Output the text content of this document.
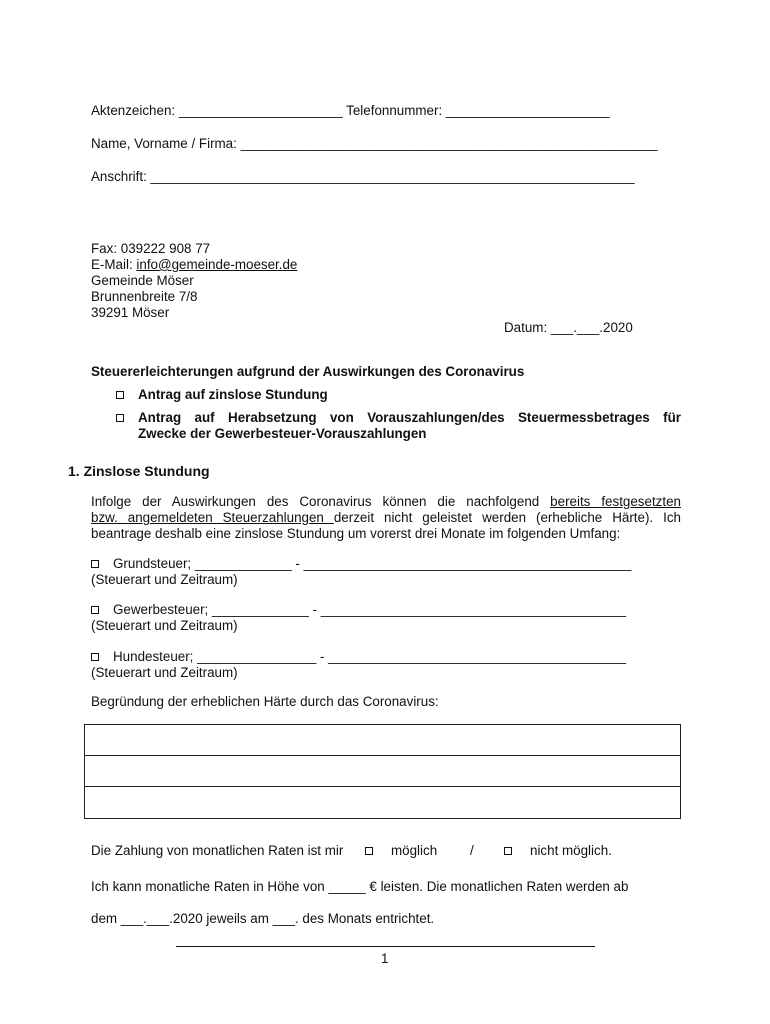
Aktenzeichen: ______________________ Telefonnummer: ______________________
Name, Vorname / Firma: ________________________________________________________
Anschrift: _________________________________________________________________
Fax: 039222 908 77
E-Mail: info@gemeinde-moeser.de
Gemeinde Möser
Brunnenbreite 7/8
39291 Möser
Datum: ___.___.2020
Steuererleichterungen aufgrund der Auswirkungen des Coronavirus
Antrag auf zinslose Stundung
Antrag auf Herabsetzung von Vorauszahlungen/des Steuermessbetrages für
Zwecke der Gewerbesteuer-Vorauszahlungen
1. Zinslose Stundung
Infolge der Auswirkungen des Coronavirus können die nachfolgend bereits festgesetzten
bzw. angemeldeten Steuerzahlungen derzeit nicht geleistet werden (erhebliche Härte). Ich beantrage deshalb eine zinslose Stundung um vorerst drei Monate im folgenden Umfang:
Grundsteuer; _____________ - ____________________________________________
(Steuerart und Zeitraum)
Gewerbesteuer; _____________ - _________________________________________
(Steuerart und Zeitraum)
Hundesteuer; ________________ - ________________________________________
(Steuerart und Zeitraum)
Begründung der erheblichen Härte durch das Coronavirus:
Die Zahlung von monatlichen Raten ist mir	möglich /	nicht möglich.
Ich kann monatliche Raten in Höhe von _____ € leisten. Die monatlichen Raten werden ab
dem ___.___.2020 jeweils am ___. des Monats entrichtet.
1
